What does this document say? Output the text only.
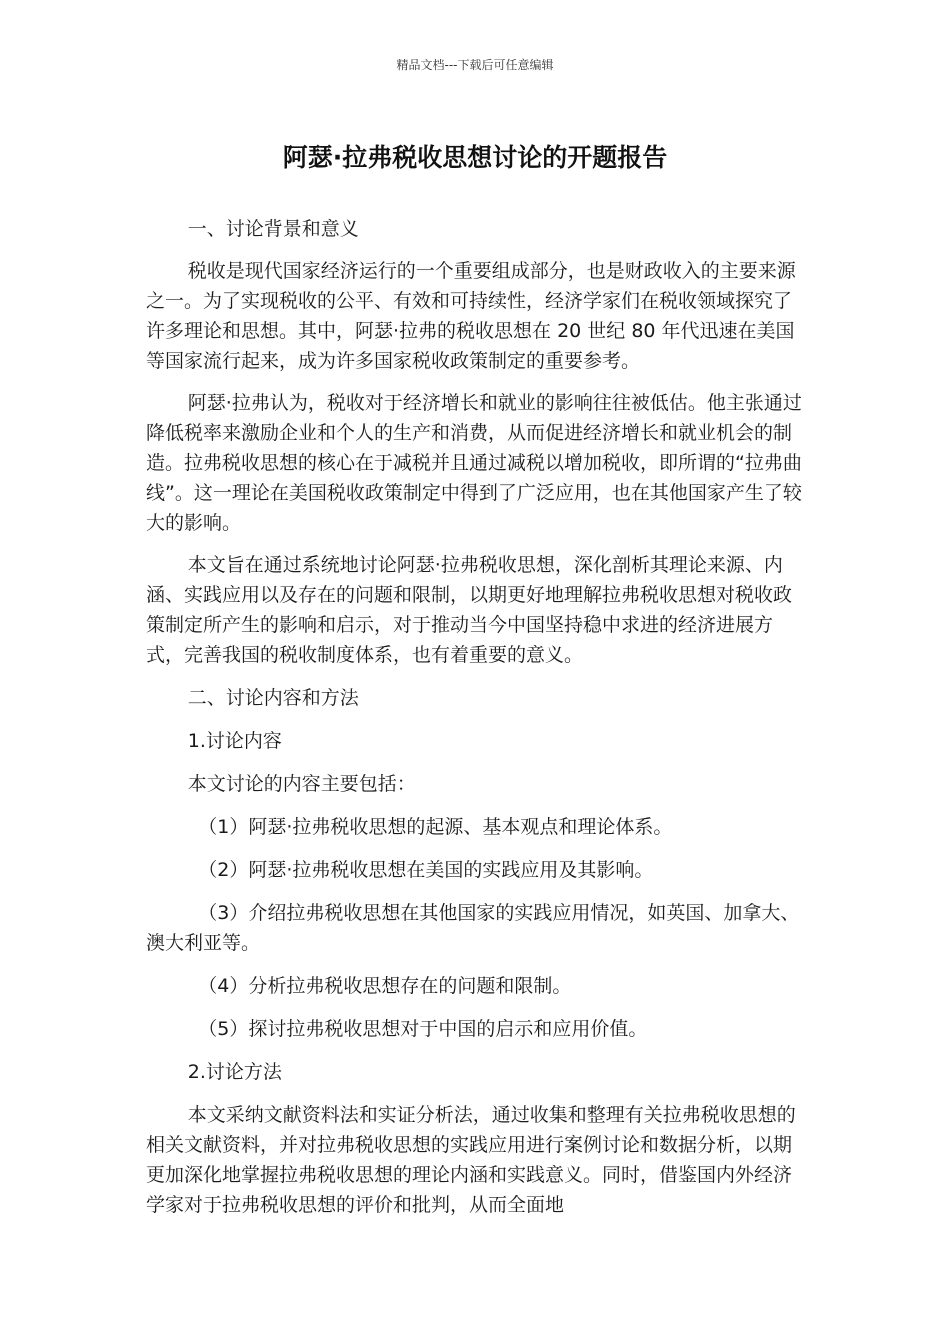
精品文档---下载后可任意编辑
阿瑟·拉弗税收思想讨论的开题报告

一、讨论背景和意义

税收是现代国家经济运行的一个重要组成部分，也是财政收入的主要来源之一。为了实现税收的公平、有效和可持续性，经济学家们在税收领域探究了许多理论和思想。其中，阿瑟·拉弗的税收思想在 20 世纪 80 年代迅速在美国等国家流行起来，成为许多国家税收政策制定的重要参考。

阿瑟·拉弗认为，税收对于经济增长和就业的影响往往被低估。他主张通过降低税率来激励企业和个人的生产和消费，从而促进经济增长和就业机会的制造。拉弗税收思想的核心在于减税并且通过减税以增加税收，即所谓的“拉弗曲线”。这一理论在美国税收政策制定中得到了广泛应用，也在其他国家产生了较大的影响。

本文旨在通过系统地讨论阿瑟·拉弗税收思想，深化剖析其理论来源、内涵、实践应用以及存在的问题和限制，以期更好地理解拉弗税收思想对税收政策制定所产生的影响和启示，对于推动当今中国坚持稳中求进的经济进展方式，完善我国的税收制度体系，也有着重要的意义。

二、讨论内容和方法

1.讨论内容

本文讨论的内容主要包括：

（1）阿瑟·拉弗税收思想的起源、基本观点和理论体系。

（2）阿瑟·拉弗税收思想在美国的实践应用及其影响。

（3）介绍拉弗税收思想在其他国家的实践应用情况，如英国、加拿大、澳大利亚等。

（4）分析拉弗税收思想存在的问题和限制。

（5）探讨拉弗税收思想对于中国的启示和应用价值。

2.讨论方法

本文采纳文献资料法和实证分析法，通过收集和整理有关拉弗税收思想的相关文献资料，并对拉弗税收思想的实践应用进行案例讨论和数据分析，以期更加深化地掌握拉弗税收思想的理论内涵和实践意义。同时，借鉴国内外经济学家对于拉弗税收思想的评价和批判，从而全面地
